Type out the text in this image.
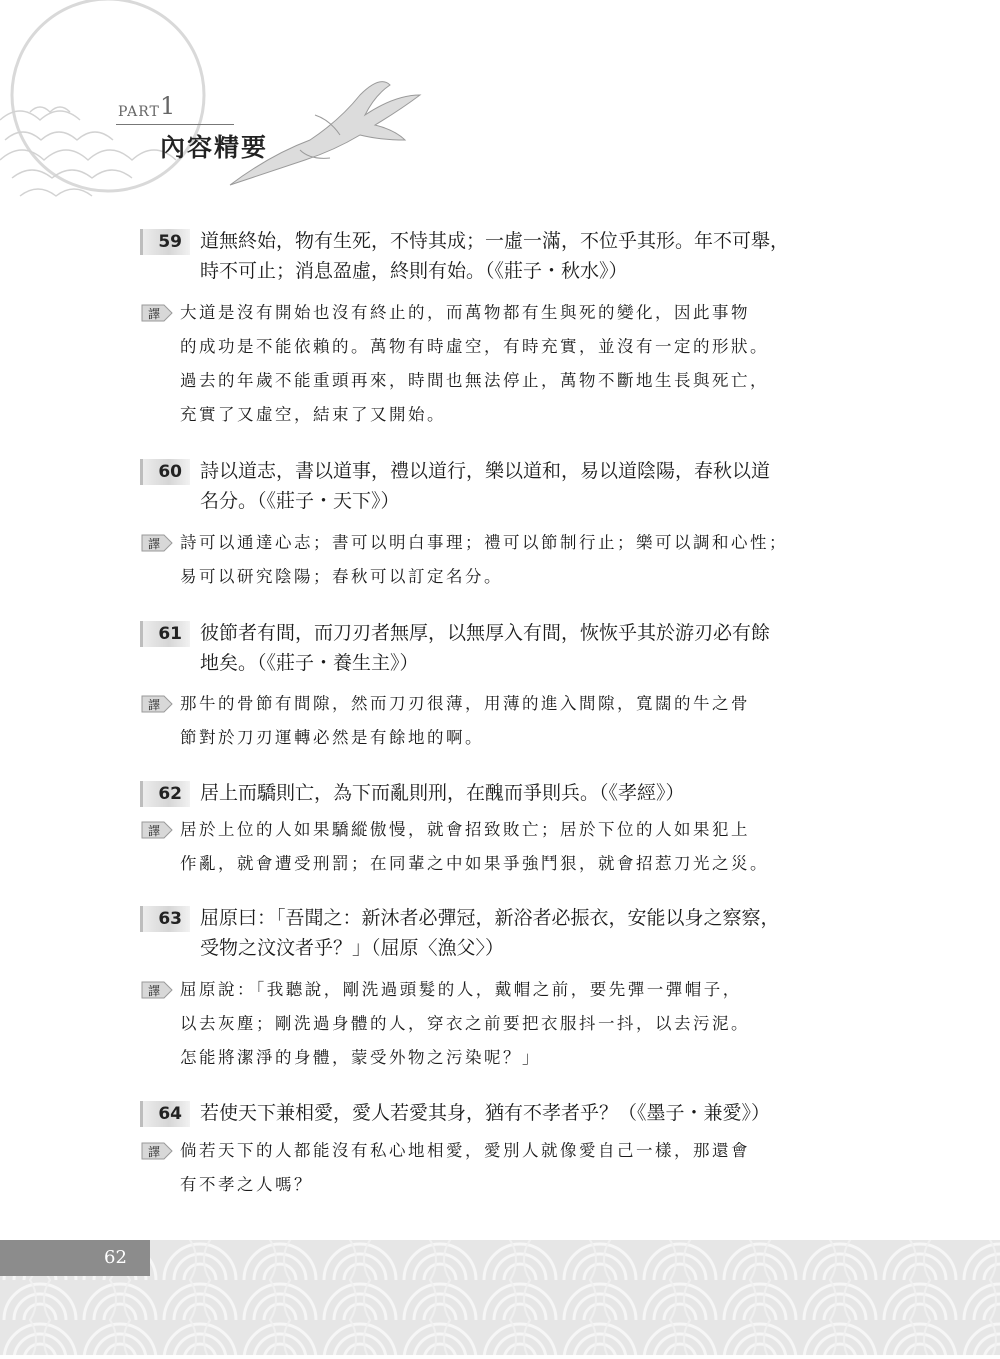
PART 1
內容精要
59 道無終始，物有生死，不恃其成；一虛一滿，不位乎其形。年不可舉，
時不可止；消息盈虛，終則有始。（《莊子・秋水》）
譯 大道是沒有開始也沒有終止的，而萬物都有生與死的變化，因此事物
的成功是不能依賴的。萬物有時虛空，有時充實，並沒有一定的形狀。
過去的年歲不能重頭再來，時間也無法停止，萬物不斷地生長與死亡，
充實了又虛空，結束了又開始。
60 詩以道志，書以道事，禮以道行，樂以道和，易以道陰陽，春秋以道
名分。（《莊子・天下》）
譯 詩可以通達心志；書可以明白事理；禮可以節制行止；樂可以調和心性；
易可以研究陰陽；春秋可以訂定名分。
61 彼節者有間，而刀刃者無厚，以無厚入有間，恢恢乎其於游刃必有餘
地矣。（《莊子・養生主》）
譯 那牛的骨節有間隙，然而刀刃很薄，用薄的進入間隙，寬闊的牛之骨
節對於刀刃運轉必然是有餘地的啊。
62 居上而驕則亡，為下而亂則刑，在醜而爭則兵。（《孝經》）
譯 居於上位的人如果驕縱傲慢，就會招致敗亡；居於下位的人如果犯上
作亂，就會遭受刑罰；在同輩之中如果爭強鬥狠，就會招惹刀光之災。
63 屈原曰：「吾聞之：新沐者必彈冠，新浴者必振衣，安能以身之察察，
受物之汶汶者乎？」（屈原〈漁父〉）
譯 屈原說：「我聽說，剛洗過頭髮的人，戴帽之前，要先彈一彈帽子，
以去灰塵；剛洗過身體的人，穿衣之前要把衣服抖一抖，以去污泥。
怎能將潔淨的身體，蒙受外物之污染呢？」
64 若使天下兼相愛，愛人若愛其身，猶有不孝者乎？（《墨子・兼愛》）
譯 倘若天下的人都能沒有私心地相愛，愛別人就像愛自己一樣，那還會
有不孝之人嗎？
62
